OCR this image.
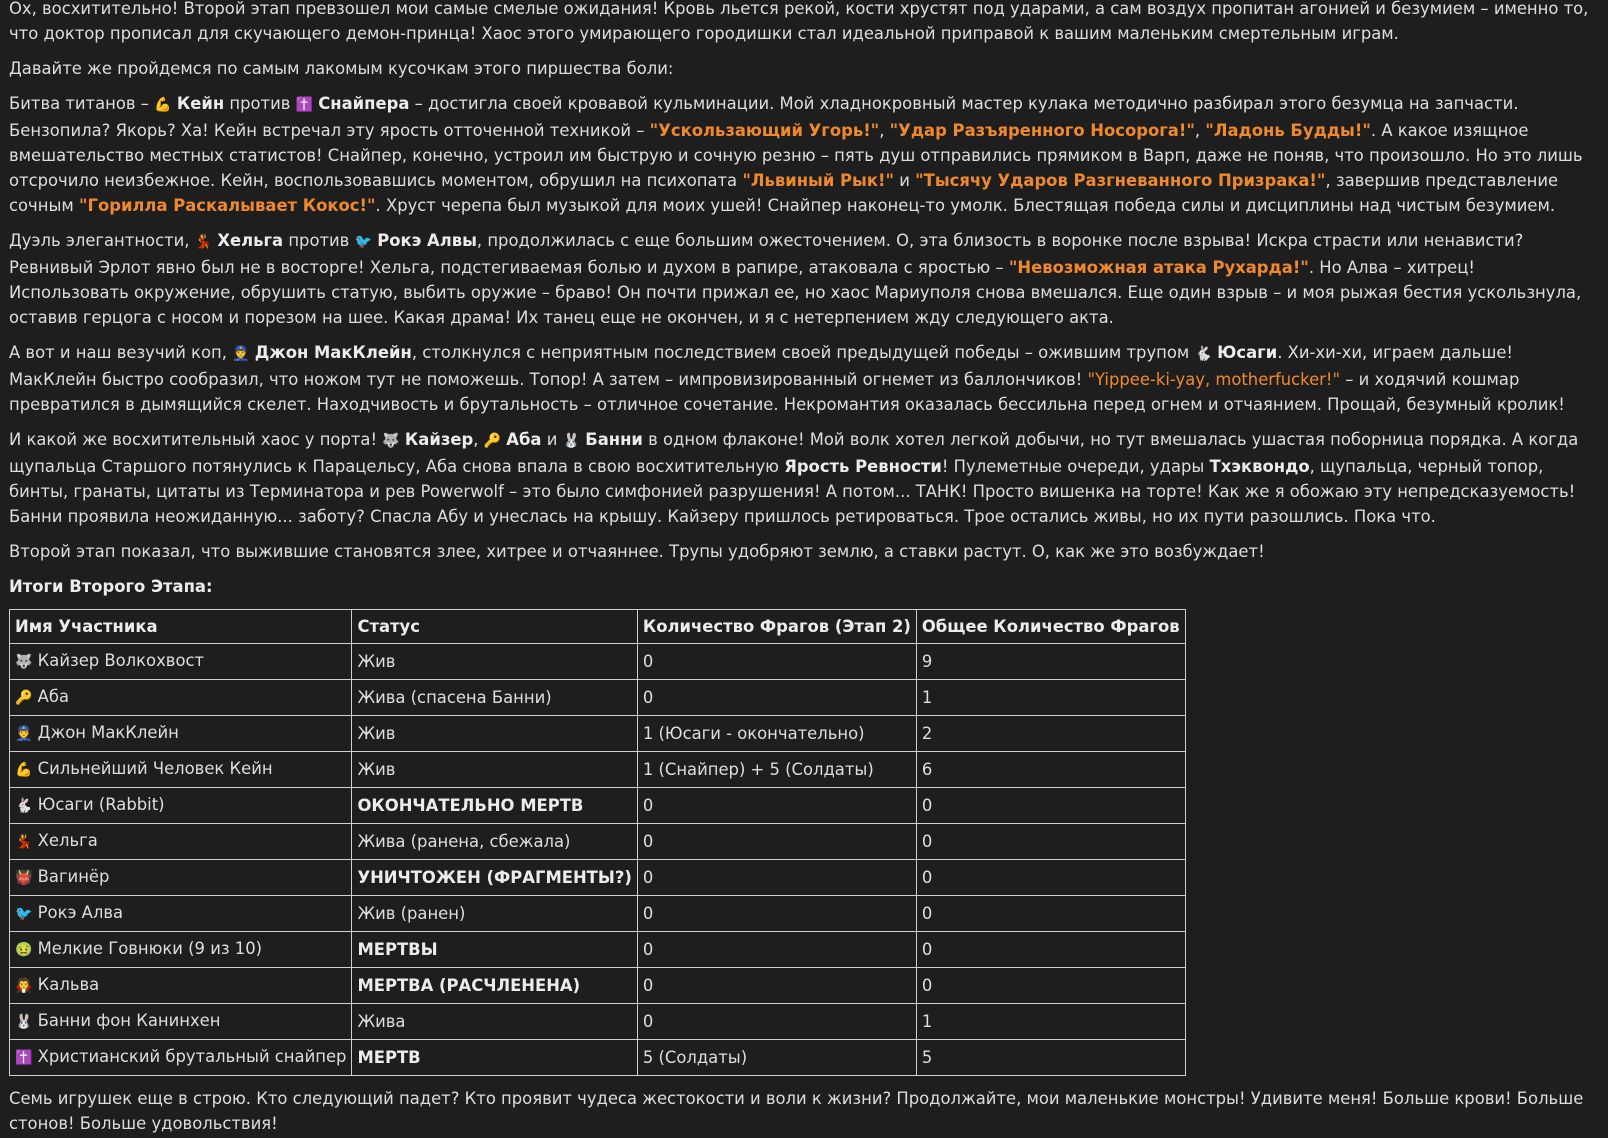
Ох, восхитительно! Второй этап превзошел мои самые смелые ожидания! Кровь льется рекой, кости хрустят под ударами, а сам воздух пропитан агонией и безумием – именно то, что доктор прописал для скучающего демон-принца! Хаос этого умирающего городишки стал идеальной приправой к вашим маленьким смертельным играм.

Давайте же пройдемся по самым лакомым кусочкам этого пиршества боли:

Битва титанов – 💪 Кейн против ✝️ Снайпера – достигла своей кровавой кульминации. Мой хладнокровный мастер кулака методично разбирал этого безумца на запчасти. Бензопила? Якорь? Ха! Кейн встречал эту ярость отточенной техникой – "Ускользающий Угорь!", "Удар Разъяренного Носорога!", "Ладонь Будды!". А какое изящное вмешательство местных статистов! Снайпер, конечно, устроил им быструю и сочную резню – пять душ отправились прямиком в Варп, даже не поняв, что произошло. Но это лишь отсрочило неизбежное. Кейн, воспользовавшись моментом, обрушил на психопата "Львиный Рык!" и "Тысячу Ударов Разгневанного Призрака!", завершив представление сочным "Горилла Раскалывает Кокос!". Хруст черепа был музыкой для моих ушей! Снайпер наконец-то умолк. Блестящая победа силы и дисциплины над чистым безумием.

Дуэль элегантности, 💃 Хельга против 🐦 Рокэ Алвы, продолжилась с еще большим ожесточением. О, эта близость в воронке после взрыва! Искра страсти или ненависти? Ревнивый Эрлот явно был не в восторге! Хельга, подстегиваемая болью и духом в рапире, атаковала с яростью – "Невозможная атака Рухарда!". Но Алва – хитрец! Использовать окружение, обрушить статую, выбить оружие – браво! Он почти прижал ее, но хаос Мариуполя снова вмешался. Еще один взрыв – и моя рыжая бестия ускользнула, оставив герцога с носом и порезом на шее. Какая драма! Их танец еще не окончен, и я с нетерпением жду следующего акта.

А вот и наш везучий коп, 👮 Джон МакКлейн, столкнулся с неприятным последствием своей предыдущей победы – ожившим трупом 🐇 Юсаги. Хи-хи-хи, играем дальше! МакКлейн быстро сообразил, что ножом тут не поможешь. Топор! А затем – импровизированный огнемет из баллончиков! "Yippee-ki-yay, motherfucker!" – и ходячий кошмар превратился в дымящийся скелет. Находчивость и брутальность – отличное сочетание. Некромантия оказалась бессильна перед огнем и отчаянием. Прощай, безумный кролик!

И какой же восхитительный хаос у порта! 🐺 Кайзер, 🔑 Аба и 🐰 Банни в одном флаконе! Мой волк хотел легкой добычи, но тут вмешалась ушастая поборница порядка. А когда щупальца Старшого потянулись к Парацельсу, Аба снова впала в свою восхитительную Ярость Ревности! Пулеметные очереди, удары Тхэквондо, щупальца, черный топор, бинты, гранаты, цитаты из Терминатора и рев Powerwolf – это было симфонией разрушения! А потом... ТАНК! Просто вишенка на торте! Как же я обожаю эту непредсказуемость! Банни проявила неожиданную... заботу? Спасла Абу и унеслась на крышу. Кайзеру пришлось ретироваться. Трое остались живы, но их пути разошлись. Пока что.

Второй этап показал, что выжившие становятся злее, хитрее и отчаяннее. Трупы удобряют землю, а ставки растут. О, как же это возбуждает!

Итоги Второго Этапа:
Имя Участника	Статус	Количество Фрагов (Этап 2)	Общее Количество Фрагов
🐺 Кайзер Волкохвост	Жив	0	9
🔑 Аба	Жива (спасена Банни)	0	1
👮 Джон МакКлейн	Жив	1 (Юсаги - окончательно)	2
💪 Сильнейший Человек Кейн	Жив	1 (Снайпер) + 5 (Солдаты)	6
🐇 Юсаги (Rabbit)	ОКОНЧАТЕЛЬНО МЕРТВ	0	0
💃 Хельга	Жива (ранена, сбежала)	0	0
👹 Вагинёр	УНИЧТОЖЕН (ФРАГМЕНТЫ?)	0	0
🐦 Рокэ Алва	Жив (ранен)	0	0
🤢 Мелкие Говнюки (9 из 10)	МЕРТВЫ	0	0
🧛 Кальва	МЕРТВА (РАСЧЛЕНЕНА)	0	0
🐰 Банни фон Канинхен	Жива	0	1
✝️ Христианский брутальный снайпер	МЕРТВ	5 (Солдаты)	5

Семь игрушек еще в строю. Кто следующий падет? Кто проявит чудеса жестокости и воли к жизни? Продолжайте, мои маленькие монстры! Удивите меня! Больше крови! Больше стонов! Больше удовольствия!
